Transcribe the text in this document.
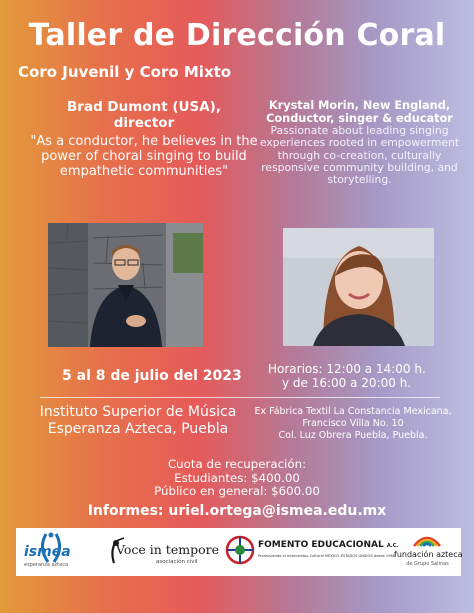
Taller de Dirección Coral
Coro Juvenil y Coro Mixto
Brad Dumont (USA),
director
"As a conductor, he believes in the power of choral singing to build empathetic communities"
Krystal Morin, New England,
Conductor, singer & educator
Passionate about leading singing experiences rooted in empowerment through co-creation, culturally responsive community building, and storytelling.
5 al 8 de julio del 2023 Horarios: 12:00 a 14:00 h.
y de 16:00 a 20:00 h.
Instituto Superior de Música
Esperanza Azteca, Puebla
Ex Fábrica Textil La Constancia Mexicana,
Francisco Villa No. 10
Col. Luz Obrera Puebla, Puebla.
Cuota de recuperación:
Estudiantes: $400.00
Público en general: $600.00
Informes: uriel.ortega@ismea.edu.mx
ismea
esperanza azteca
Voce in tempore
asociación civil
FOMENTO EDUCACIONAL A.C.
Promoviendo el Intercambio Cultural MÉXICO-ESTADOS UNIDOS desde 1968
fundación azteca
de Grupo Salinas
